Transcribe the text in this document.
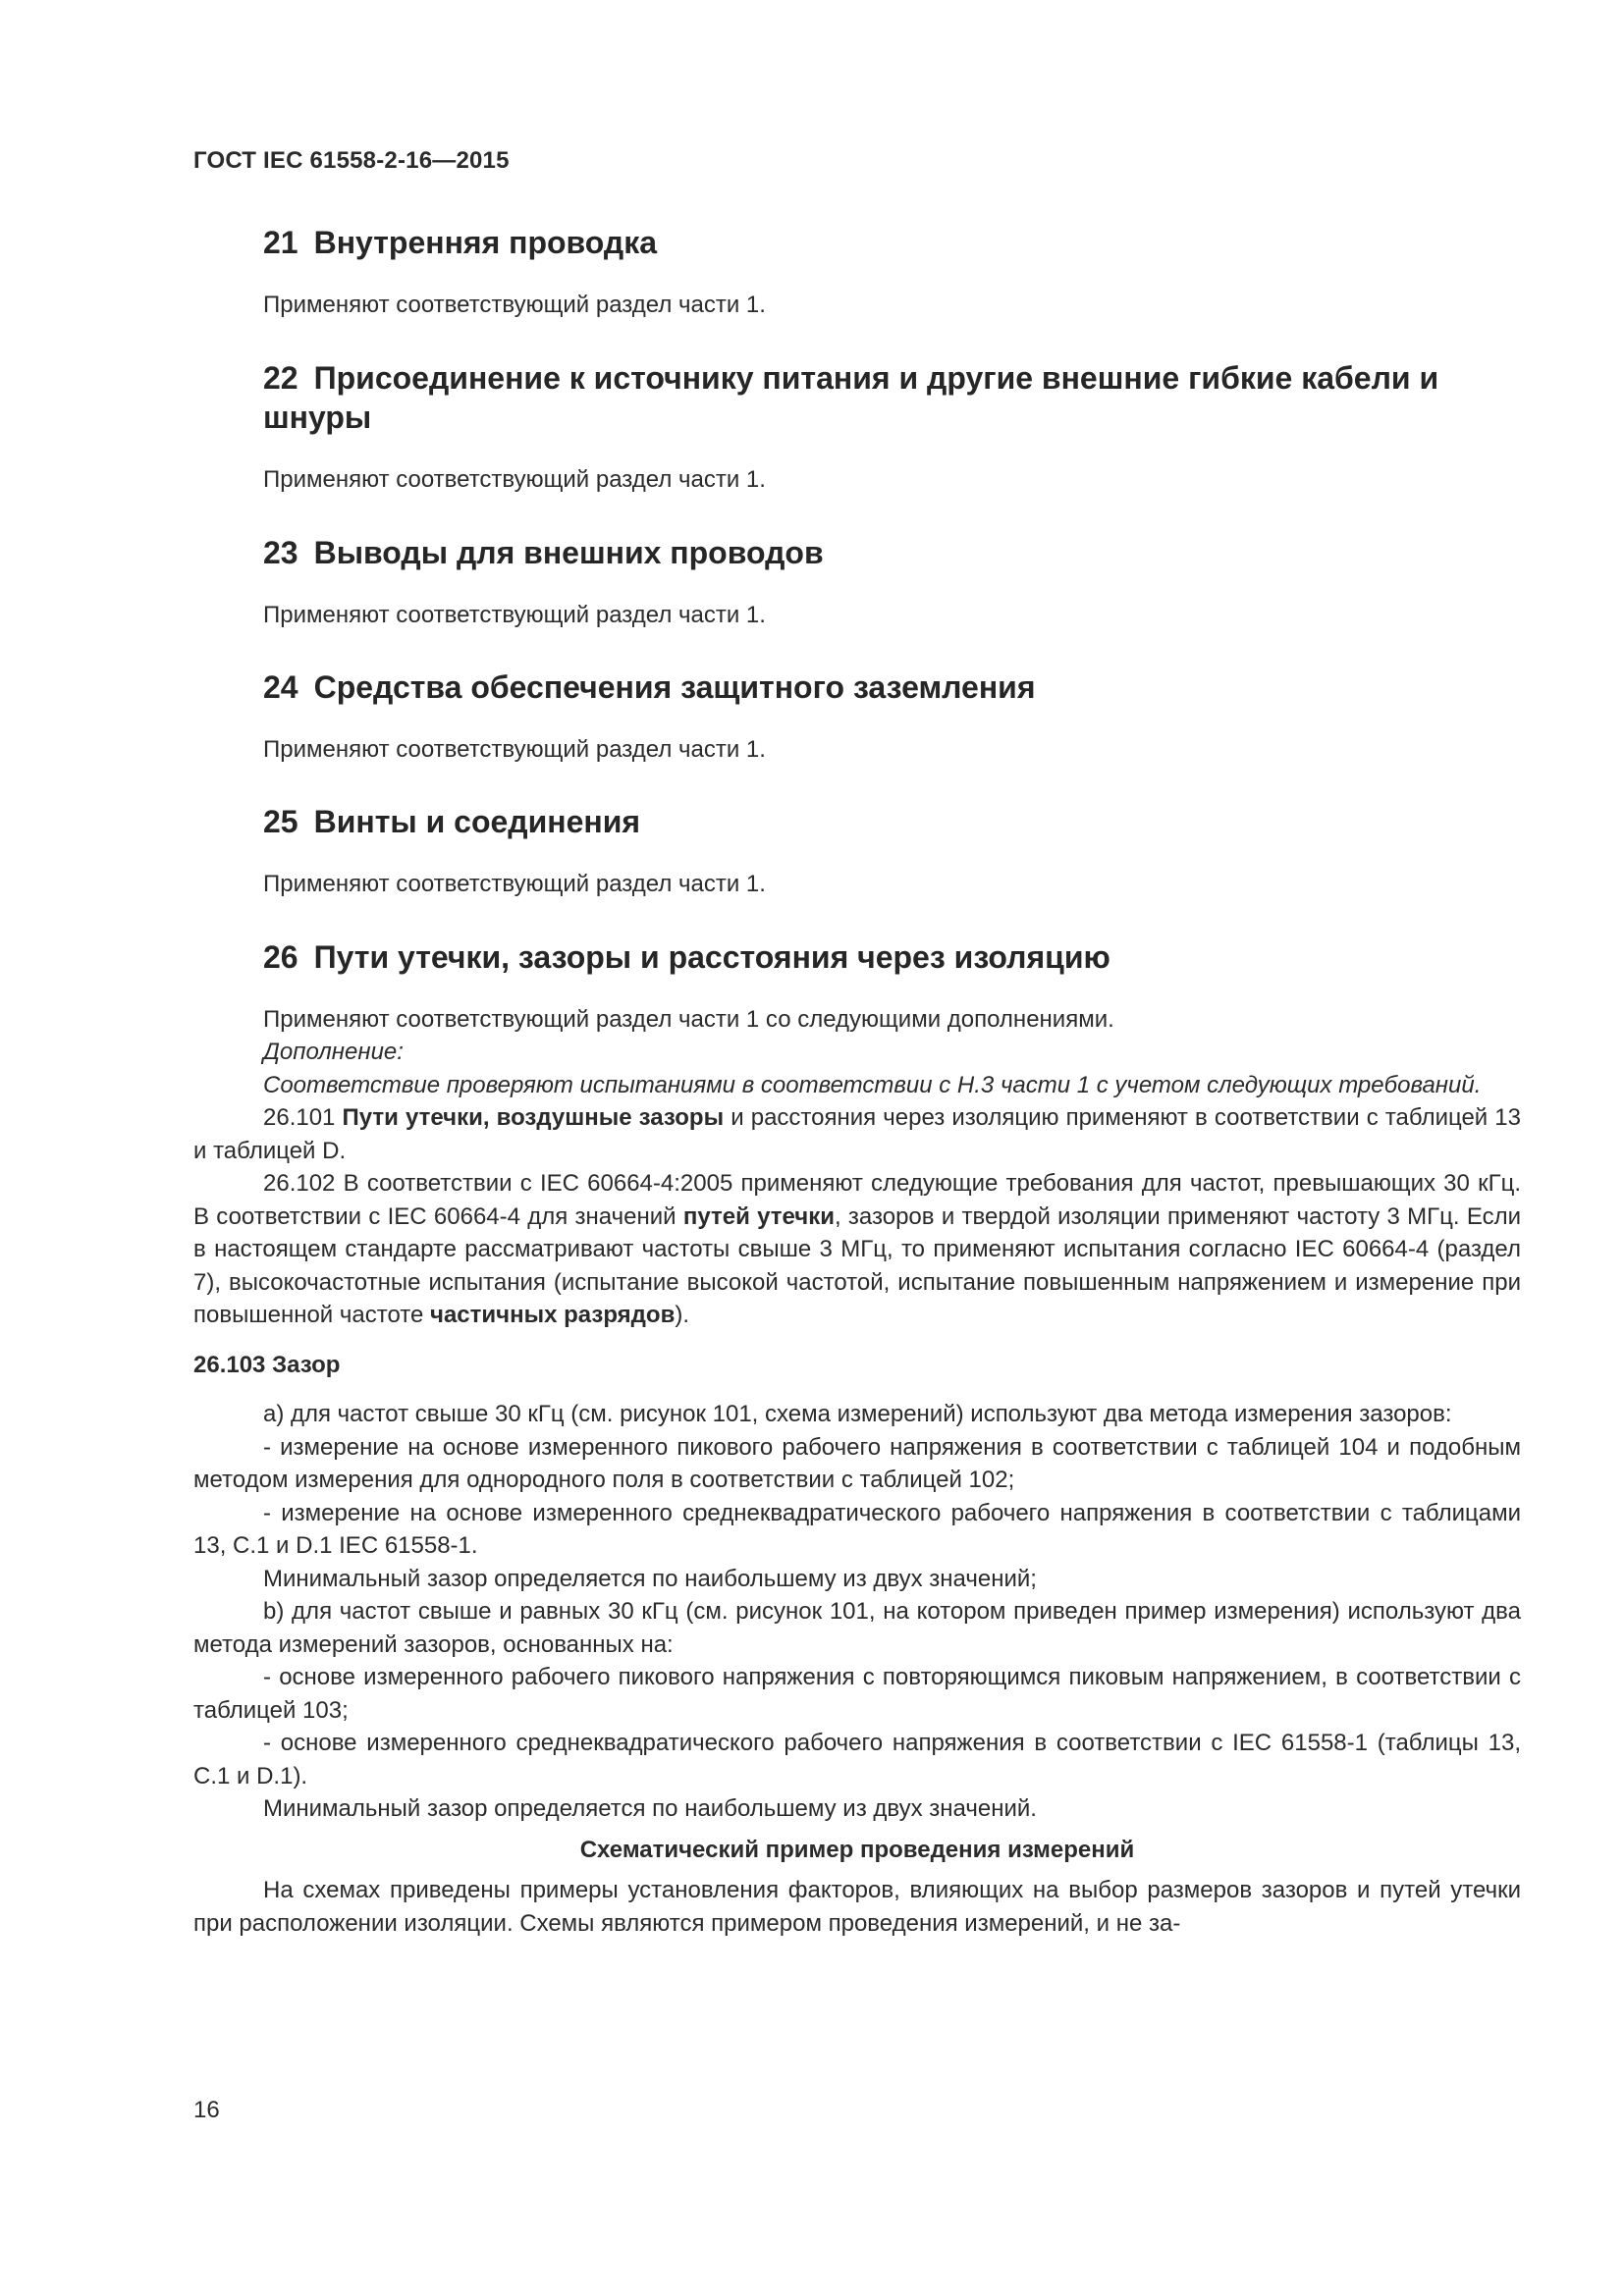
ГОСТ IEC 61558-2-16—2015
21 Внутренняя проводка

Применяют соответствующий раздел части 1.

22 Присоединение к источнику питания и другие внешние гибкие кабели и шнуры

Применяют соответствующий раздел части 1.

23 Выводы для внешних проводов

Применяют соответствующий раздел части 1.

24 Средства обеспечения защитного заземления

Применяют соответствующий раздел части 1.

25 Винты и соединения

Применяют соответствующий раздел части 1.

26 Пути утечки, зазоры и расстояния через изоляцию

Применяют соответствующий раздел части 1 со следующими дополнениями.

Дополнение:

Соответствие проверяют испытаниями в соответствии с Н.3 части 1 с учетом следующих требований.

26.101 Пути утечки, воздушные зазоры и расстояния через изоляцию применяют в соответствии с таблицей 13 и таблицей D.

26.102 В соответствии с IEC 60664-4:2005 применяют следующие требования для частот, превышающих 30 кГц. В соответствии с IEC 60664-4 для значений путей утечки, зазоров и твердой изоляции применяют частоту 3 МГц. Если в настоящем стандарте рассматривают частоты свыше 3 МГц, то применяют испытания согласно IEC 60664-4 (раздел 7), высокочастотные испытания (испытание высокой частотой, испытание повышенным напряжением и измерение при повышенной частоте частичных разрядов).

26.103 Зазор

а) для частот свыше 30 кГц (см. рисунок 101, схема измерений) используют два метода измерения зазоров:

- измерение на основе измеренного пикового рабочего напряжения в соответствии с таблицей 104 и подобным методом измерения для однородного поля в соответствии с таблицей 102;

- измерение на основе измеренного среднеквадратического рабочего напряжения в соответствии с таблицами 13, С.1 и D.1 IEC 61558-1.

Минимальный зазор определяется по наибольшему из двух значений;

b) для частот свыше и равных 30 кГц (см. рисунок 101, на котором приведен пример измерения) используют два метода измерений зазоров, основанных на:

- основе измеренного рабочего пикового напряжения с повторяющимся пиковым напряжением, в соответствии с таблицей 103;

- основе измеренного среднеквадратического рабочего напряжения в соответствии с IEC 61558-1 (таблицы 13, С.1 и D.1).

Минимальный зазор определяется по наибольшему из двух значений.

Схематический пример проведения измерений

На схемах приведены примеры установления факторов, влияющих на выбор размеров зазоров и путей утечки при расположении изоляции. Схемы являются примером проведения измерений, и не за-

16
